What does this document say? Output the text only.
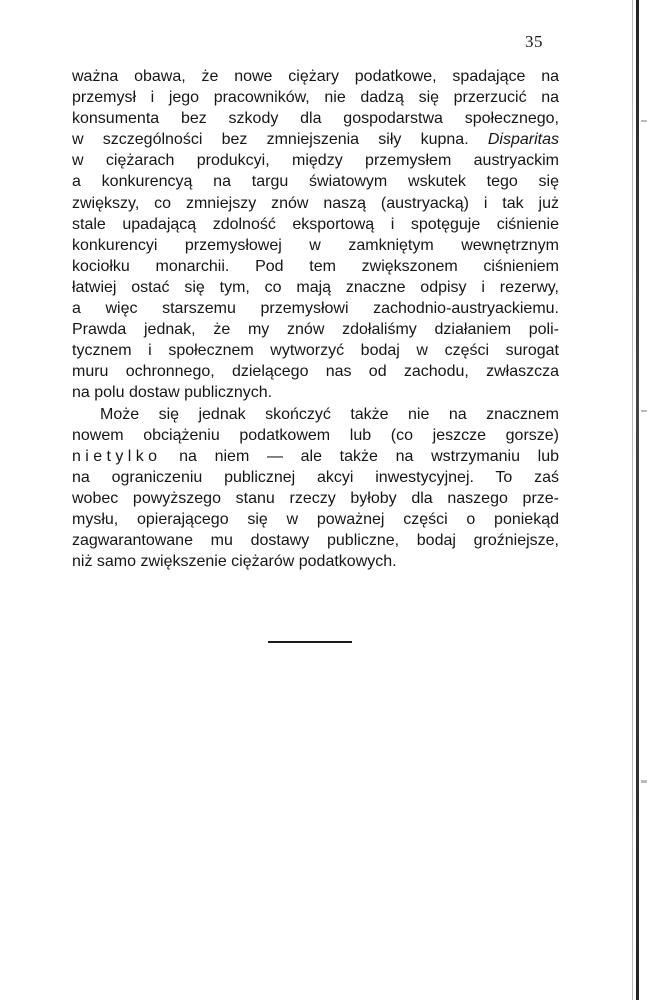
35
ważna obawa, że nowe ciężary podatkowe, spadające na
przemysł i jego pracowników, nie dadzą się przerzucić na
konsumenta bez szkody dla gospodarstwa społecznego,
w szczególności bez zmniejszenia siły kupna. Disparitas
w ciężarach produkcyi, między przemysłem austryackim
a konkurencyą na targu światowym wskutek tego się
zwiększy, co zmniejszy znów naszą (austryacką) i tak już
stale upadającą zdolność eksportową i spotęguje ciśnienie
konkurencyi przemysłowej w zamkniętym wewnętrznym
kociołku monarchii. Pod tem zwiększonem ciśnieniem
łatwiej ostać się tym, co mają znaczne odpisy i rezerwy,
a więc starszemu przemysłowi zachodnio-austryackiemu.
Prawda jednak, że my znów zdołaliśmy działaniem poli-
tycznem i społecznem wytworzyć bodaj w części surogat
muru ochronnego, dzielącego nas od zachodu, zwłaszcza
na polu dostaw publicznych.
Może się jednak skończyć także nie na znacznem
nowem obciążeniu podatkowem lub (co jeszcze gorsze)
nietylko na niem — ale także na wstrzymaniu lub
na ograniczeniu publicznej akcyi inwestycyjnej. To zaś
wobec powyższego stanu rzeczy byłoby dla naszego prze-
mysłu, opierającego się w poważnej części o poniekąd
zagwarantowane mu dostawy publiczne, bodaj groźniejsze,
niż samo zwiększenie ciężarów podatkowych.
